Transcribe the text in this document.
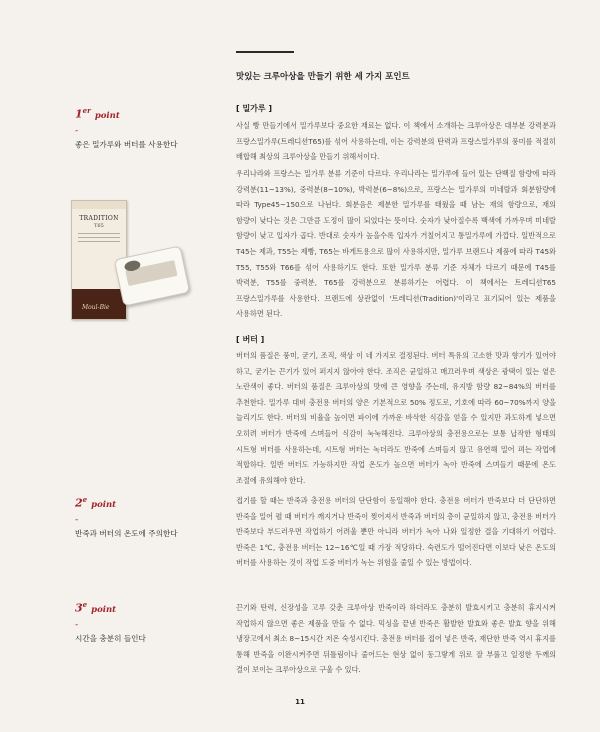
맛있는 크루아상을 만들기 위한 세 가지 포인트
1erpoint
-
좋은 밀가루와 버터를 사용한다
2epoint
-
반죽과 버터의 온도에 주의한다
3epoint
-
시간을 충분히 들인다
TRADITION
T65
Moul-Bie
[ 밀가루 ]
사실 빵 만들기에서 밀가루보다 중요한 재료는 없다. 이 책에서 소개하는 크루아상은 대부분 강력분과 프랑스밀가루(트레디션T65)를 섞어 사용하는데, 이는 강력분의 탄력과 프랑스밀가루의 풍미를 적절히 배합해 최상의 크루아상을 만들기 위해서이다.
우리나라와 프랑스는 밀가루 분류 기준이 다르다. 우리나라는 밀가루에 들어 있는 단백질 함량에 따라 강력분(11~13%), 중력분(8~10%), 박력분(6~8%)으로, 프랑스는 밀가루의 미네랄과 회분함량에 따라 Type45~150으로 나뉜다. 회분음은 제분한 밀가루를 태웠을 때 남는 재의 함량으로, 재의 함량이 낮다는 것은 그만큼 도정이 많이 되었다는 뜻이다. 숫자가 낮아질수록 백색에 가까우며 미네랄 함량이 낮고 입자가 곱다. 반대로 숫자가 높을수록 입자가 거칠어지고 통밀가루에 가깝다. 일반적으로 T45는 제과, T55는 제빵, T65는 바게트용으로 많이 사용하지만, 밀가루 브랜드나 제품에 따라 T45와 T55, T55와 T66를 섞어 사용하기도 한다. 또한 밀가루 분류 기준 자체가 다르기 때문에 T45를 박력분, T55를 중력분, T65를 강력분으로 분류하기는 어렵다. 이 책에서는 트레디션T65 프랑스밀가루를 사용한다. 브랜드에 상관없이 '트레디션(Tradition)'이라고 표기되어 있는 제품을 사용하면 된다.
[ 버터 ]
버터의 품질은 풍미, 굳기, 조직, 색상 이 네 가지로 결정된다. 버터 특유의 고소한 맛과 향기가 있어야 하고, 굳기는 끈기가 있어 퍼지지 않아야 한다. 조직은 균일하고 매끄러우며 색상은 광택이 있는 옅은 노란색이 좋다. 버터의 품질은 크루아상의 맛에 큰 영향을 주는데, 유지방 함량 82~84%의 버터를 추천한다. 밀가루 대비 충전용 버터의 양은 기본적으로 50% 정도로, 기호에 따라 60~70%까지 양을 늘리기도 한다. 버터의 비율을 높이면 파이에 가까운 바삭한 식감을 얻을 수 있지만 과도하게 넣으면 오히려 버터가 반죽에 스며들어 식감이 눅눅해진다. 크루아상의 충전용으로는 보통 납작한 형태의 시트형 버터를 사용하는데, 시트형 버터는 녹더라도 반죽에 스며들지 않고 유연해 밀어 펴는 작업에 적합하다. 일반 버터도 가능하지만 작업 온도가 높으면 버터가 녹아 반죽에 스며들기 때문에 온도 조절에 유의해야 한다.
접기를 할 때는 반죽과 충전용 버터의 단단함이 동일해야 한다. 충전용 버터가 반죽보다 더 단단하면 반죽을 밀어 펼 때 버터가 깨지거나 반죽이 찢어져서 반죽과 버터의 층이 균일하지 않고, 충전용 버터가 반죽보다 부드러우면 작업하기 어려울 뿐만 아니라 버터가 녹아 나와 일정한 결을 기대하기 어렵다. 반죽은 1℃, 충전용 버터는 12~16℃일 때 가장 적당하다. 숙련도가 떨어진다면 이보다 낮은 온도의 버터를 사용하는 것이 작업 도중 버터가 녹는 위험을 줄일 수 있는 방법이다.
끈기와 탄력, 신장성을 고루 갖춘 크루아상 반죽이라 하더라도 충분히 발효시키고 충분히 휴지시켜 작업하지 않으면 좋은 제품을 만들 수 없다. 믹싱을 끝낸 반죽은 활발한 발효와 좋은 발효 향을 위해 냉장고에서 최소 8~15시간 저온 숙성시킨다. 충전용 버터를 접어 넣은 반죽, 재단한 반죽 역시 휴지를 통해 반죽을 이완시켜주면 뒤틀림이나 줄어드는 현상 없이 동그랗게 위로 잘 부풀고 일정한 두께의 결이 보이는 크루아상으로 구울 수 있다.
11
